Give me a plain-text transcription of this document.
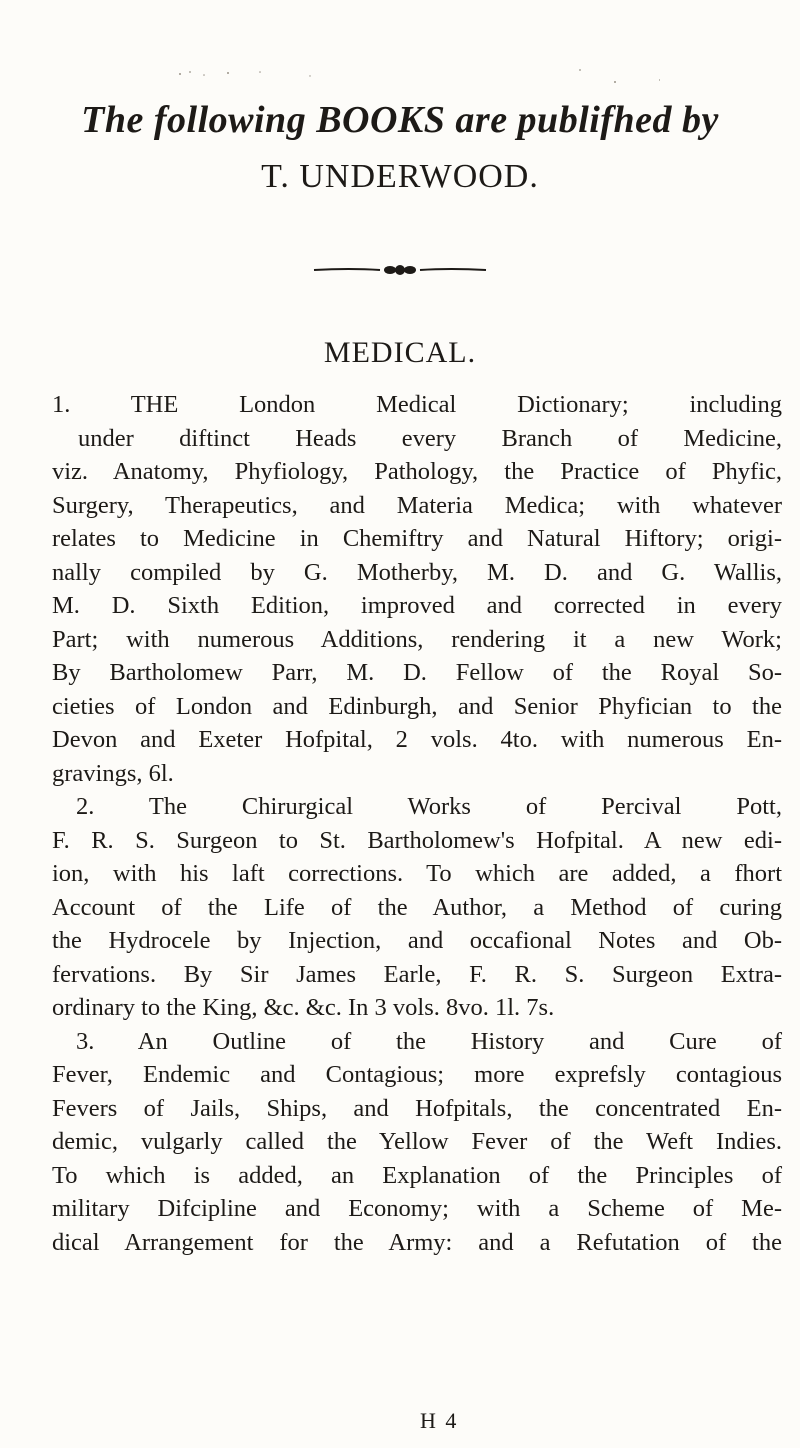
The following BOOKS are publifhed by
T. UNDERWOOD.
MEDICAL.
1. THE London Medical Dictionary; including
under diftinct Heads every Branch of Medicine,
viz. Anatomy, Phyfiology, Pathology, the Practice of Phyfic,
Surgery, Therapeutics, and Materia Medica; with whatever
relates to Medicine in Chemiftry and Natural Hiftory; origi-
nally compiled by G. Motherby, M. D. and G. Wallis,
M. D. Sixth Edition, improved and corrected in every
Part; with numerous Additions, rendering it a new Work;
By Bartholomew Parr, M. D. Fellow of the Royal So-
cieties of London and Edinburgh, and Senior Phyfician to the
Devon and Exeter Hofpital, 2 vols. 4to. with numerous En-
gravings, 6l.
2. The Chirurgical Works of Percival Pott,
F. R. S. Surgeon to St. Bartholomew's Hofpital. A new edi-
ion, with his laft corrections. To which are added, a fhort
Account of the Life of the Author, a Method of curing
the Hydrocele by Injection, and occafional Notes and Ob-
fervations. By Sir James Earle, F. R. S. Surgeon Extra-
ordinary to the King, &c. &c. In 3 vols. 8vo. 1l. 7s.
3. An Outline of the History and Cure of
Fever, Endemic and Contagious; more exprefsly contagious
Fevers of Jails, Ships, and Hofpitals, the concentrated En-
demic, vulgarly called the Yellow Fever of the Weft Indies.
To which is added, an Explanation of the Principles of
military Difcipline and Economy; with a Scheme of Me-
dical Arrangement for the Army: and a Refutation of the
H 4
